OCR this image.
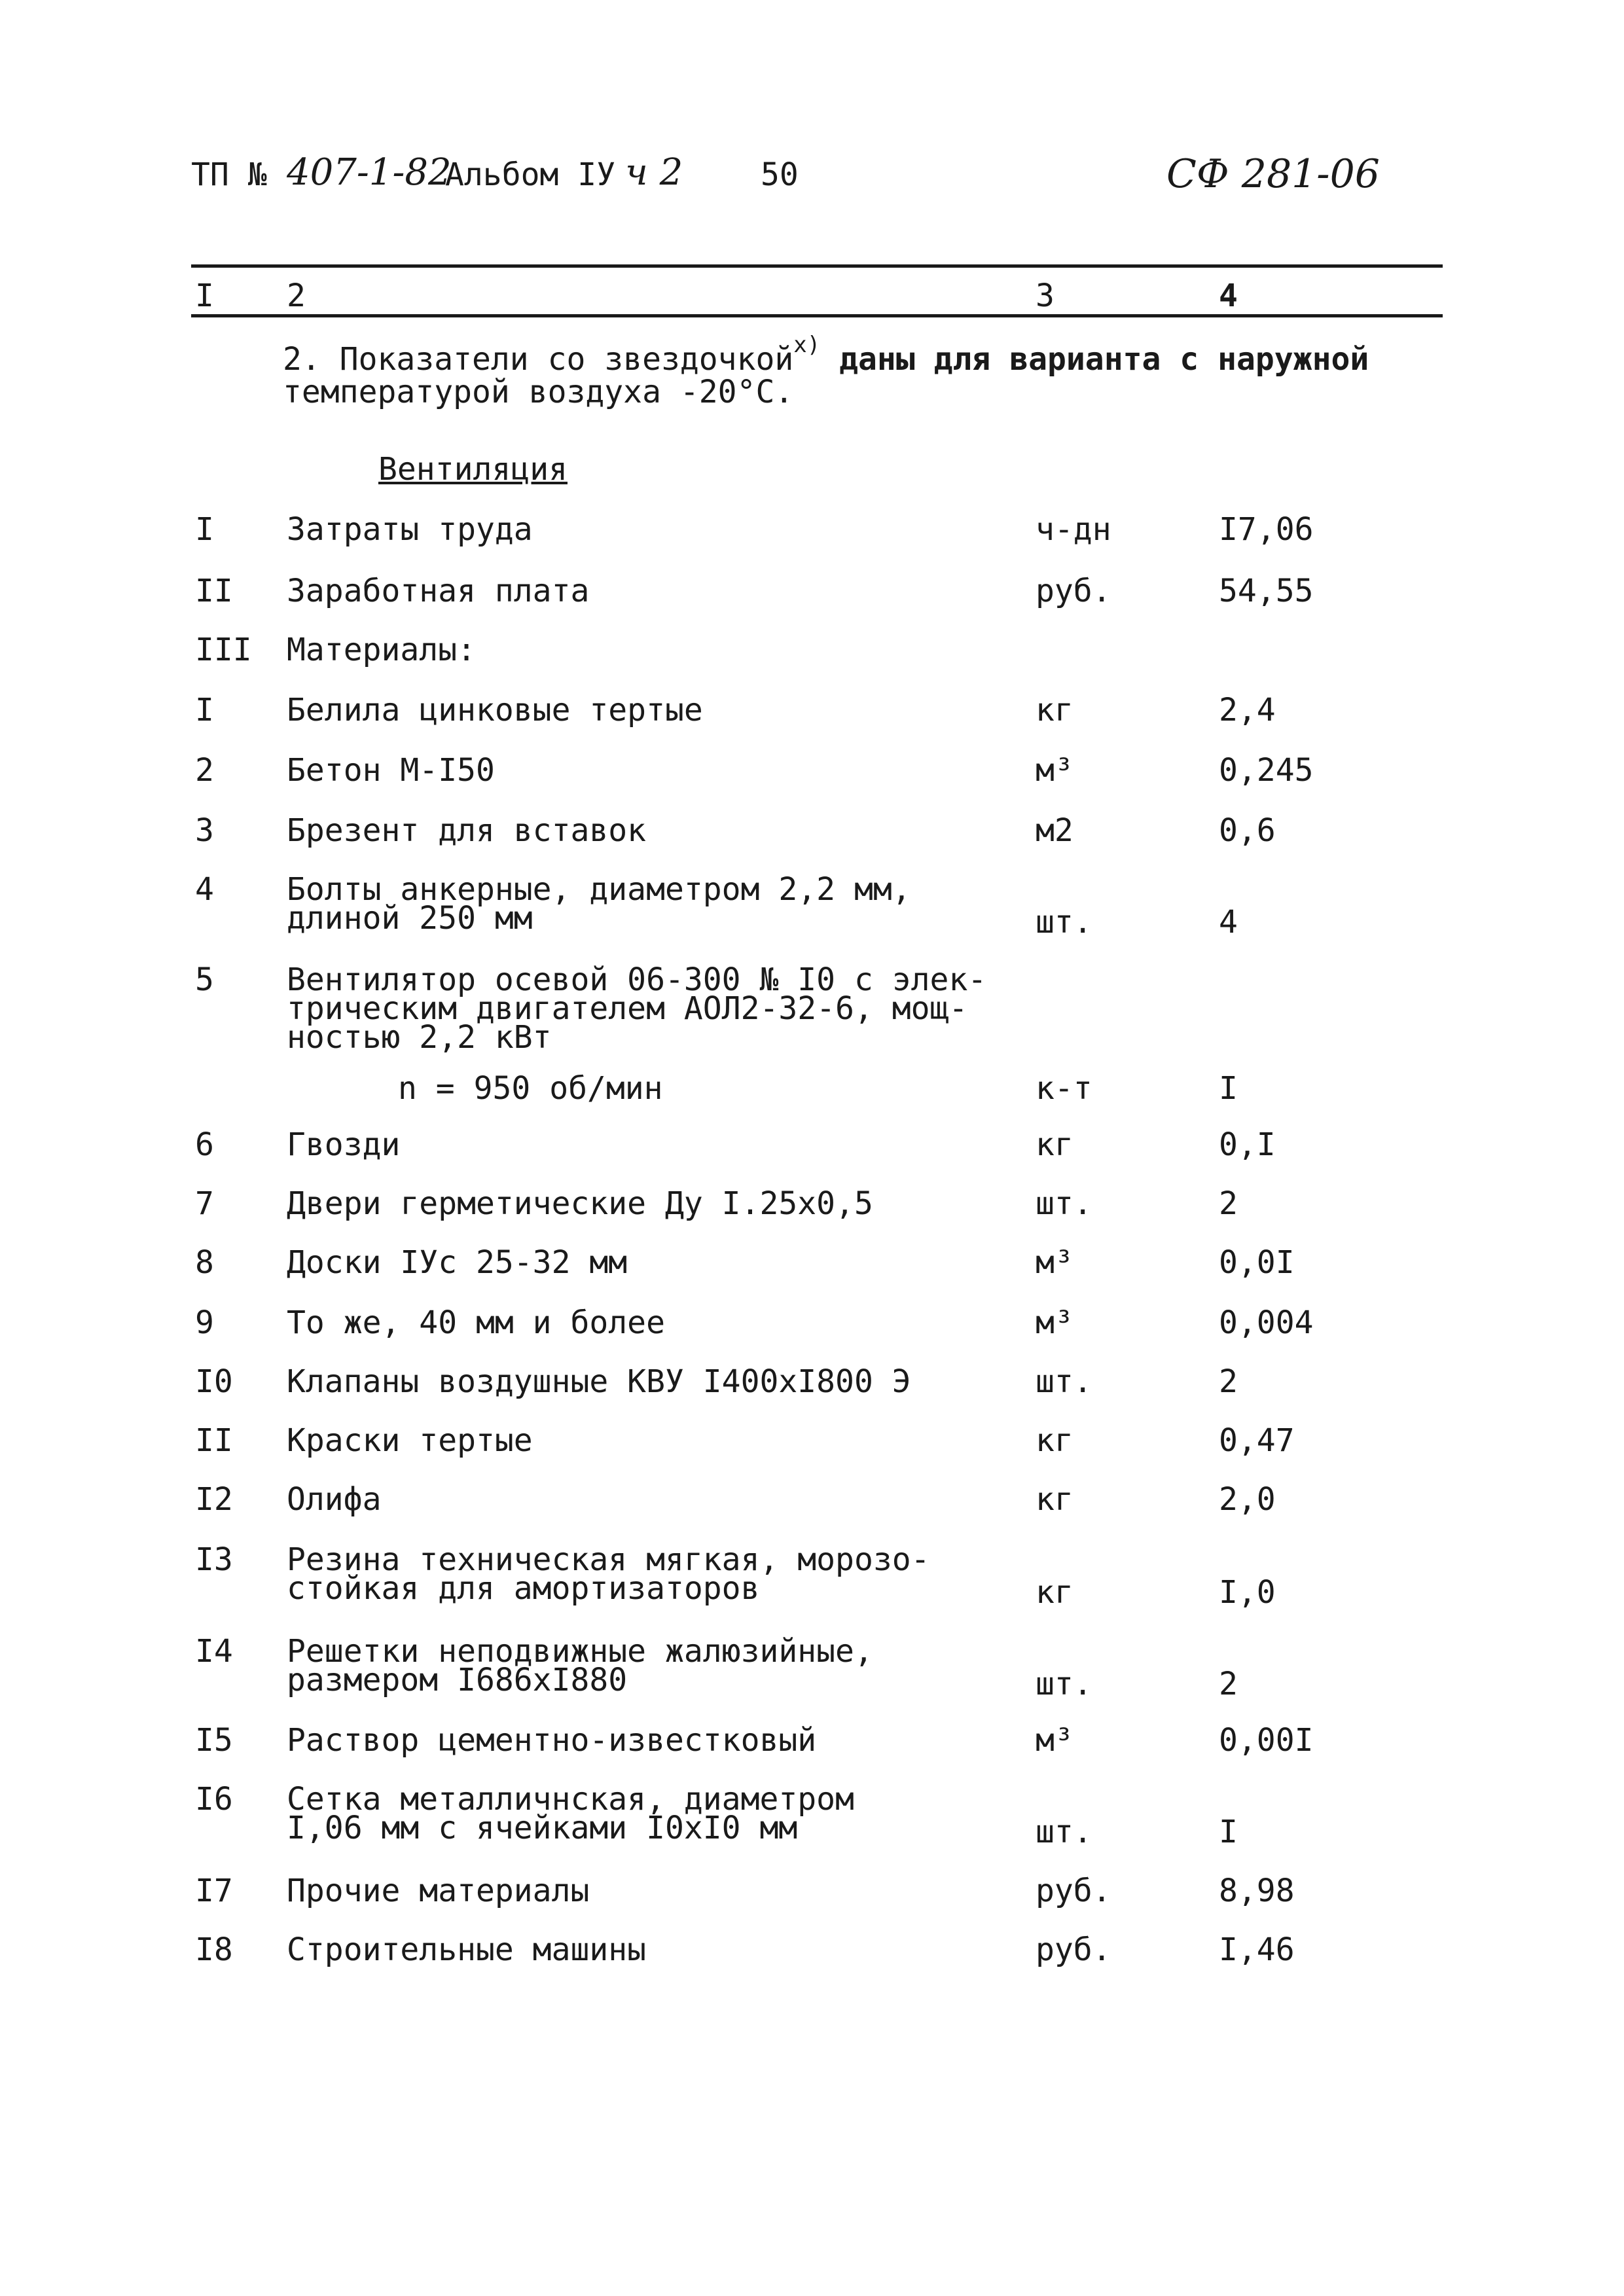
ТП № 407-1-82
Альбом IУ ч 2 50	СФ 281-06
I 2	3	4
2. Показатели со звездочкой$^{x)}$ даны для варианта с наружной
температурой воздуха -20°С.
Вентиляция
I Затраты труда	ч-дн	I7,06
II Заработная плата	руб.	54,55
III Материалы:
I Белила цинковые тертые	кг	2,4
2 Бетон М-I50	м³	0,245
3 Брезент для вставок	м2	0,6
4 Болты анкерные, диаметром 2,2 мм,
длиной 250 мм	шт.	4
5 Вентилятор осевой 06-300 № I0 с элек-
трическим двигателем АОЛ2-32-6, мощ-
ностью 2,2 кВт
n = 950 об/мин	к-т	I
6 Гвозди	кг	0,I
7 Двери герметические Ду I.25х0,5	шт.	2
8 Доски IУс 25-32 мм	м³	0,0I
9 То же, 40 мм и более	м³	0,004
I0 Клапаны воздушные КВУ I400хI800 Э	шт.	2
II Краски тертые	кг	0,47
I2 Олифа	кг	2,0
I3 Резина техническая мягкая, морозо-
стойкая для амортизаторов	кг	I,0
I4 Решетки неподвижные жалюзийные,
размером I686хI880	шт.	2
I5 Раствор цементно-известковый	м³	0,00I
I6 Сетка металличнская, диаметром
I,06 мм с ячейками I0хI0 мм	шт.	I
I7 Прочие материалы	руб.	8,98
I8 Строительные машины	руб.	I,46
